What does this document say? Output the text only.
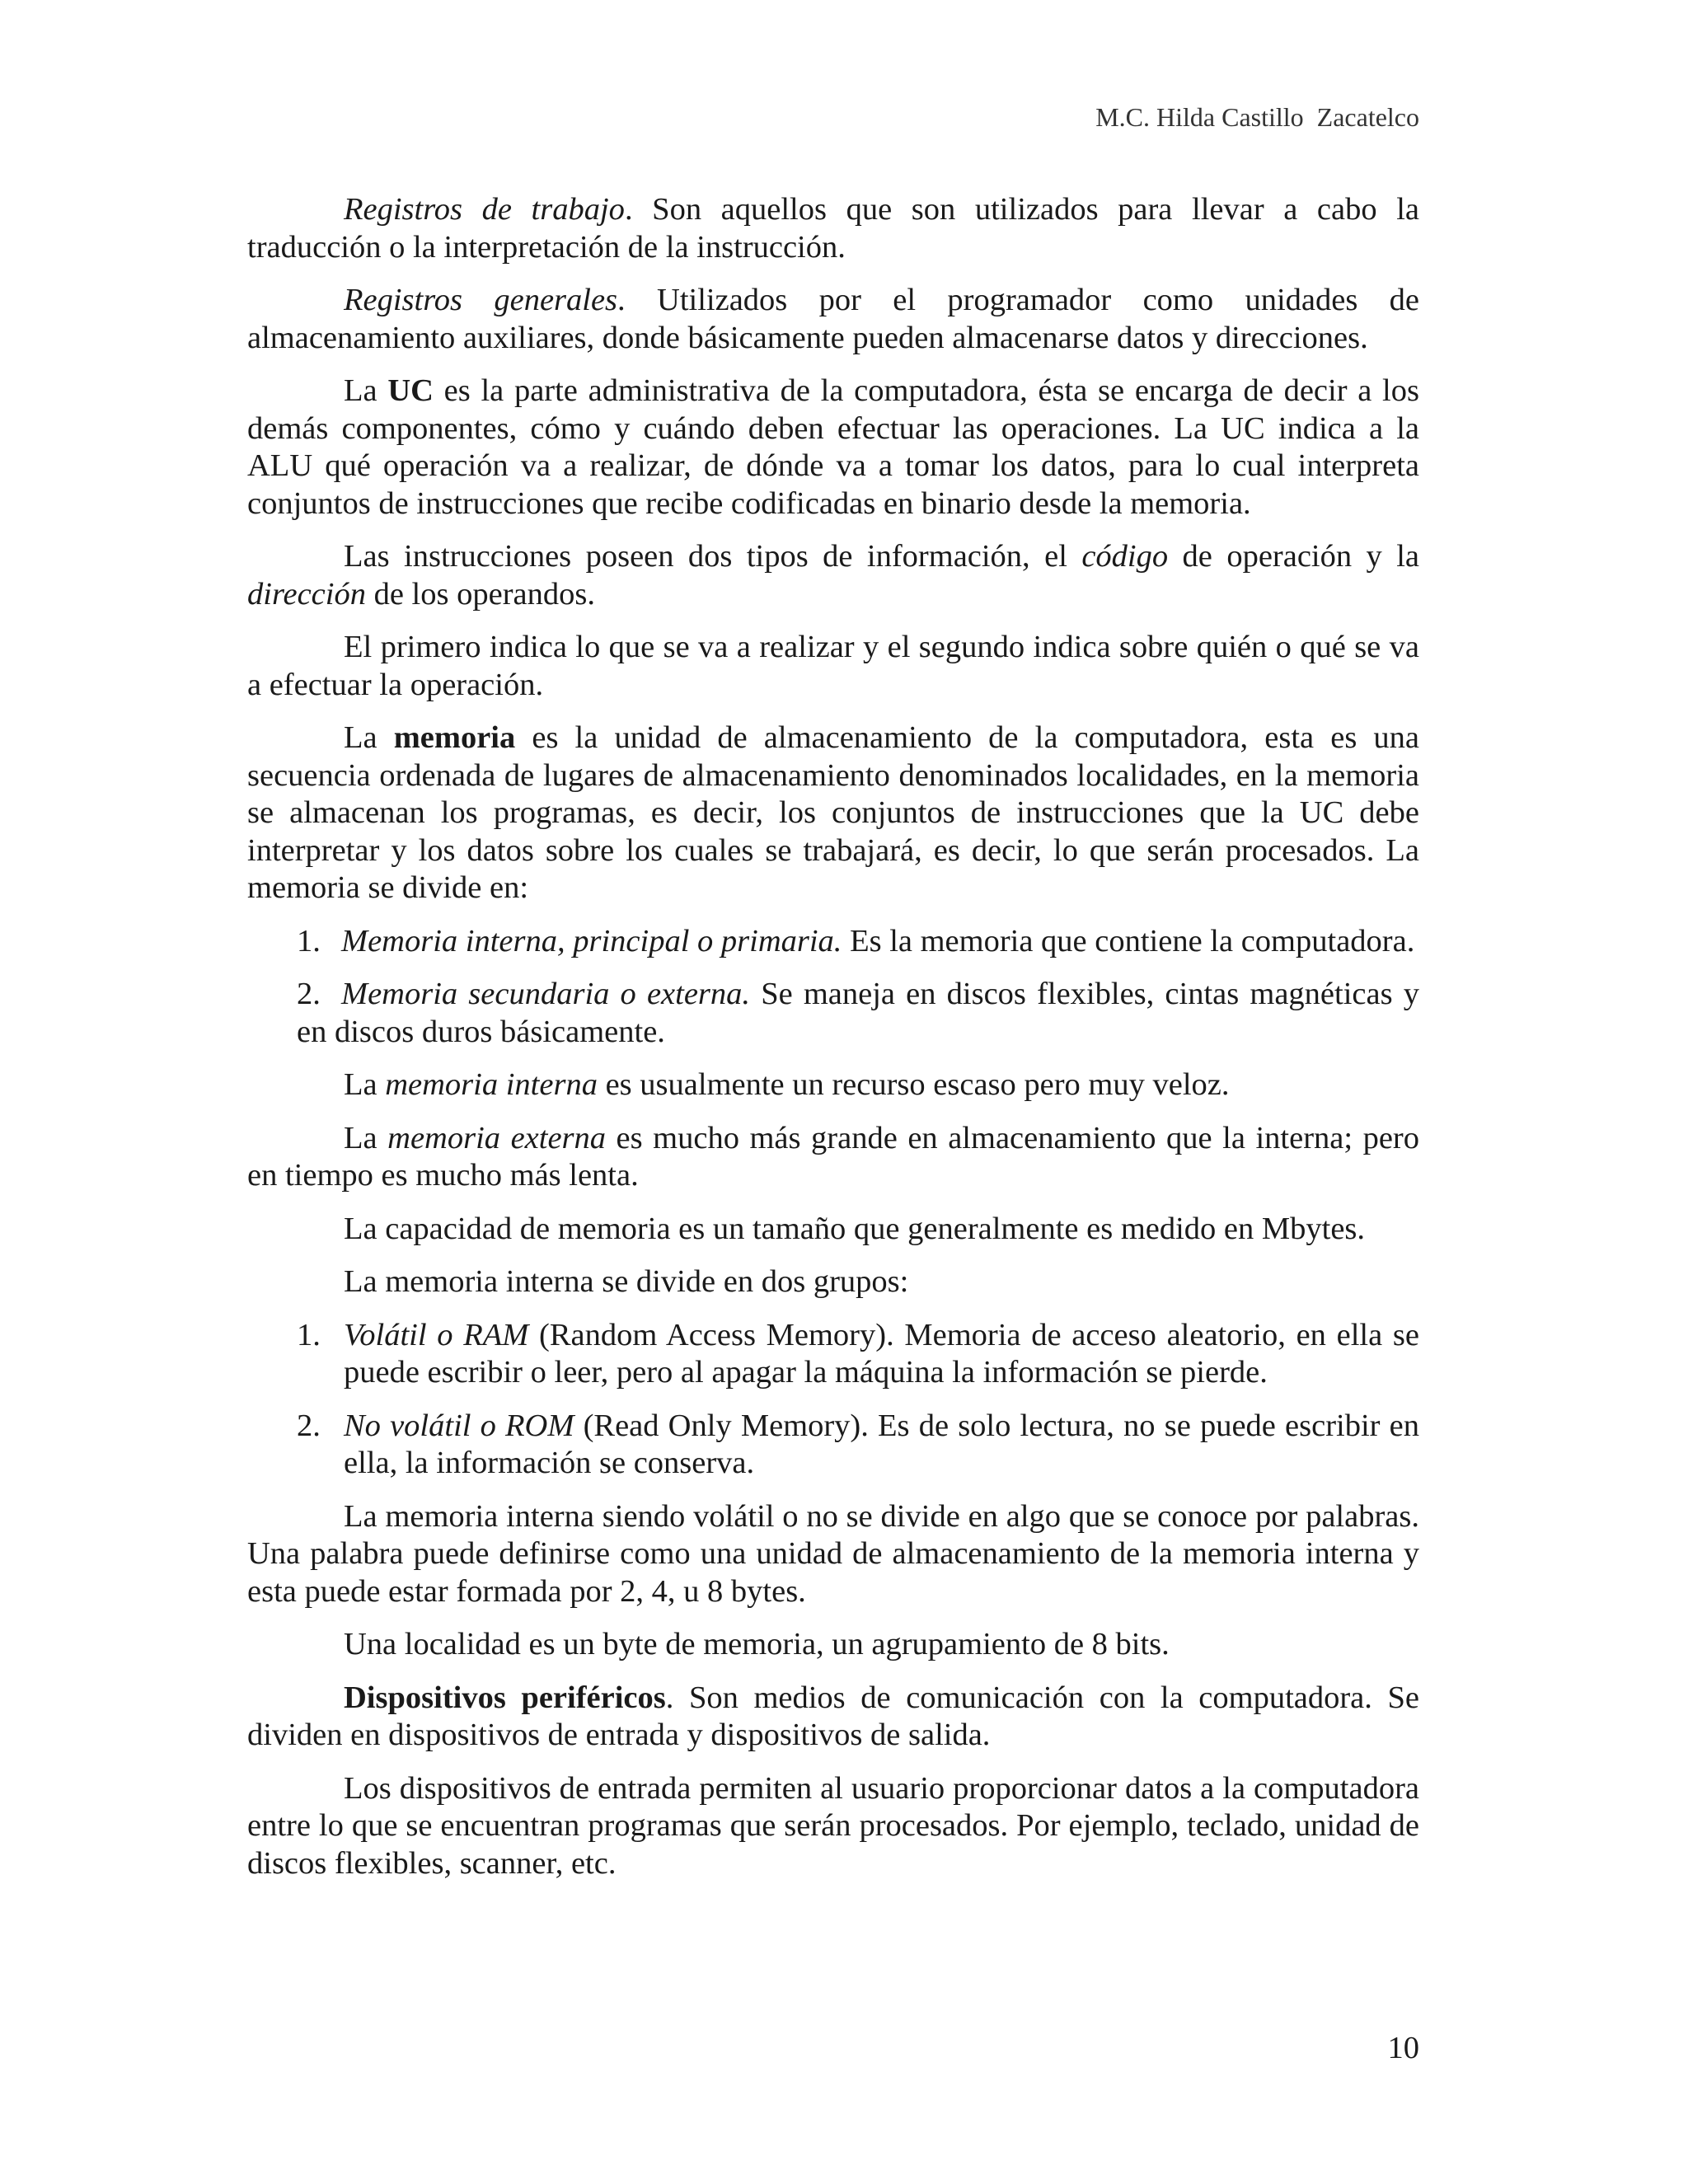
M.C. Hilda Castillo  Zacatelco

Registros de trabajo. Son aquellos que son utilizados para llevar a cabo la traducción o la interpretación de la instrucción.

Registros generales. Utilizados por el programador como unidades de almacenamiento auxiliares, donde básicamente pueden almacenarse datos y direcciones.

La UC es la parte administrativa de la computadora, ésta se encarga de decir a los demás componentes, cómo y cuándo deben efectuar las operaciones. La UC indica a la ALU qué operación va a realizar, de dónde va a tomar los datos, para lo cual interpreta conjuntos de instrucciones que recibe codificadas en binario desde la memoria.

Las instrucciones poseen dos tipos de información, el código de operación y la dirección de los operandos.

El primero indica lo que se va a realizar y el segundo indica sobre quién o qué se va a efectuar la operación.

La memoria es la unidad de almacenamiento de la computadora, esta es una secuencia ordenada de lugares de almacenamiento denominados localidades, en la memoria se almacenan los programas, es decir, los conjuntos de instrucciones que la UC debe interpretar y los datos sobre los cuales se trabajará, es decir, lo que serán procesados. La memoria se divide en:

1. Memoria interna, principal o primaria. Es la memoria que contiene la computadora.
2. Memoria secundaria o externa. Se maneja en discos flexibles, cintas magnéticas y en discos duros básicamente.

La memoria interna es usualmente un recurso escaso pero muy veloz.

La memoria externa es mucho más grande en almacenamiento que la interna; pero en tiempo es mucho más lenta.

La capacidad de memoria es un tamaño que generalmente es medido en Mbytes.

La memoria interna se divide en dos grupos:

1. Volátil o RAM (Random Access Memory). Memoria de acceso aleatorio, en ella se puede escribir o leer, pero al apagar la máquina la información se pierde.
2. No volátil o ROM (Read Only Memory). Es de solo lectura, no se puede escribir en ella, la información se conserva.

La memoria interna siendo volátil o no se divide en algo que se conoce por palabras. Una palabra puede definirse como una unidad de almacenamiento de la memoria interna y esta puede estar formada por 2, 4, u 8 bytes.

Una localidad es un byte de memoria, un agrupamiento de 8 bits.

Dispositivos periféricos. Son medios de comunicación con la computadora. Se dividen en dispositivos de entrada y dispositivos de salida.

Los dispositivos de entrada permiten al usuario proporcionar datos a la computadora entre lo que se encuentran programas que serán procesados. Por ejemplo, teclado, unidad de discos flexibles, scanner, etc.

10
